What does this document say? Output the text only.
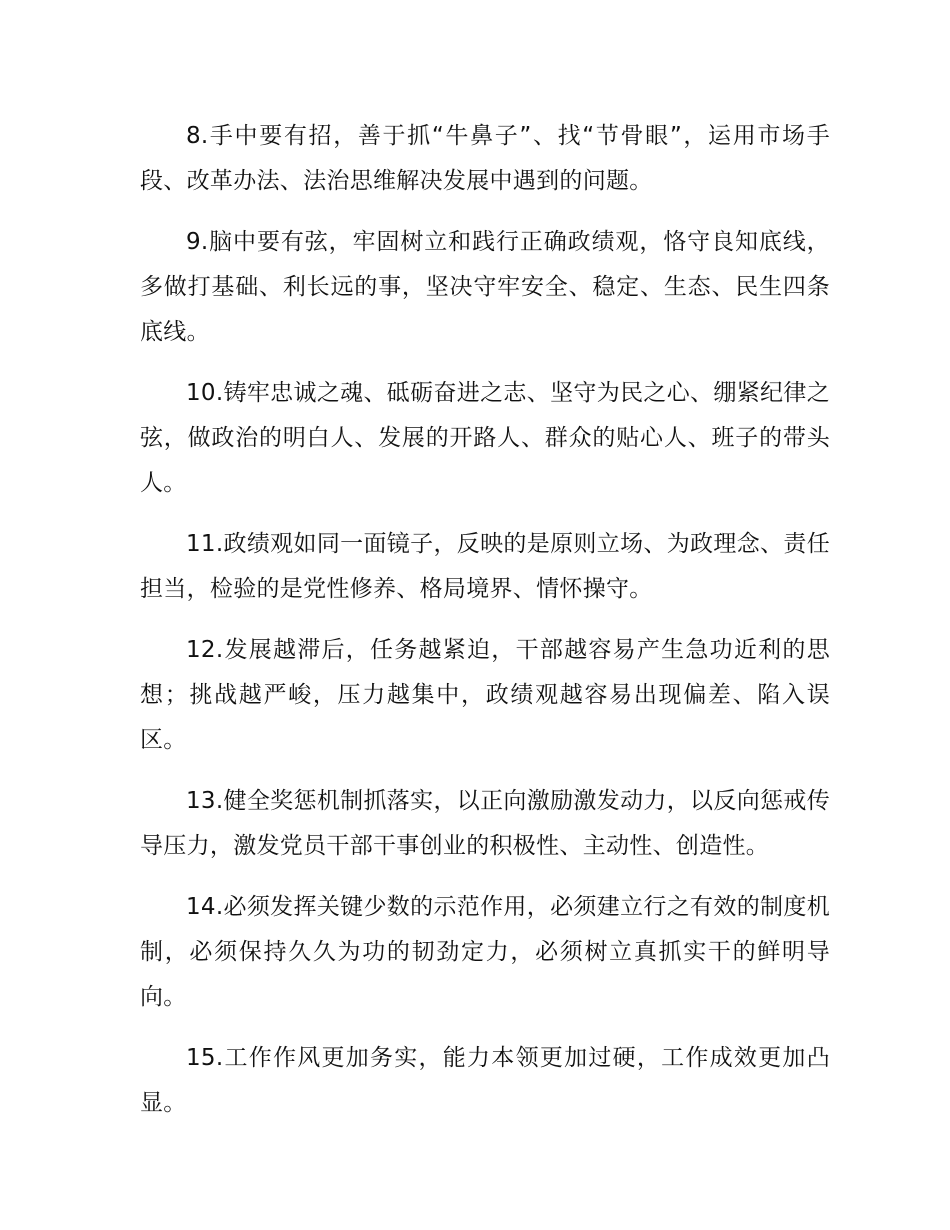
8.手中要有招，善于抓“牛鼻子”、找“节骨眼”，运用市场手段、改革办法、法治思维解决发展中遇到的问题。

9.脑中要有弦，牢固树立和践行正确政绩观，恪守良知底线，多做打基础、利长远的事，坚决守牢安全、稳定、生态、民生四条底线。

10.铸牢忠诚之魂、砥砺奋进之志、坚守为民之心、绷紧纪律之弦，做政治的明白人、发展的开路人、群众的贴心人、班子的带头人。

11.政绩观如同一面镜子，反映的是原则立场、为政理念、责任担当，检验的是党性修养、格局境界、情怀操守。

12.发展越滞后，任务越紧迫，干部越容易产生急功近利的思想；挑战越严峻，压力越集中，政绩观越容易出现偏差、陷入误区。

13.健全奖惩机制抓落实，以正向激励激发动力，以反向惩戒传导压力，激发党员干部干事创业的积极性、主动性、创造性。

14.必须发挥关键少数的示范作用，必须建立行之有效的制度机制，必须保持久久为功的韧劲定力，必须树立真抓实干的鲜明导向。

15.工作作风更加务实，能力本领更加过硬，工作成效更加凸显。
